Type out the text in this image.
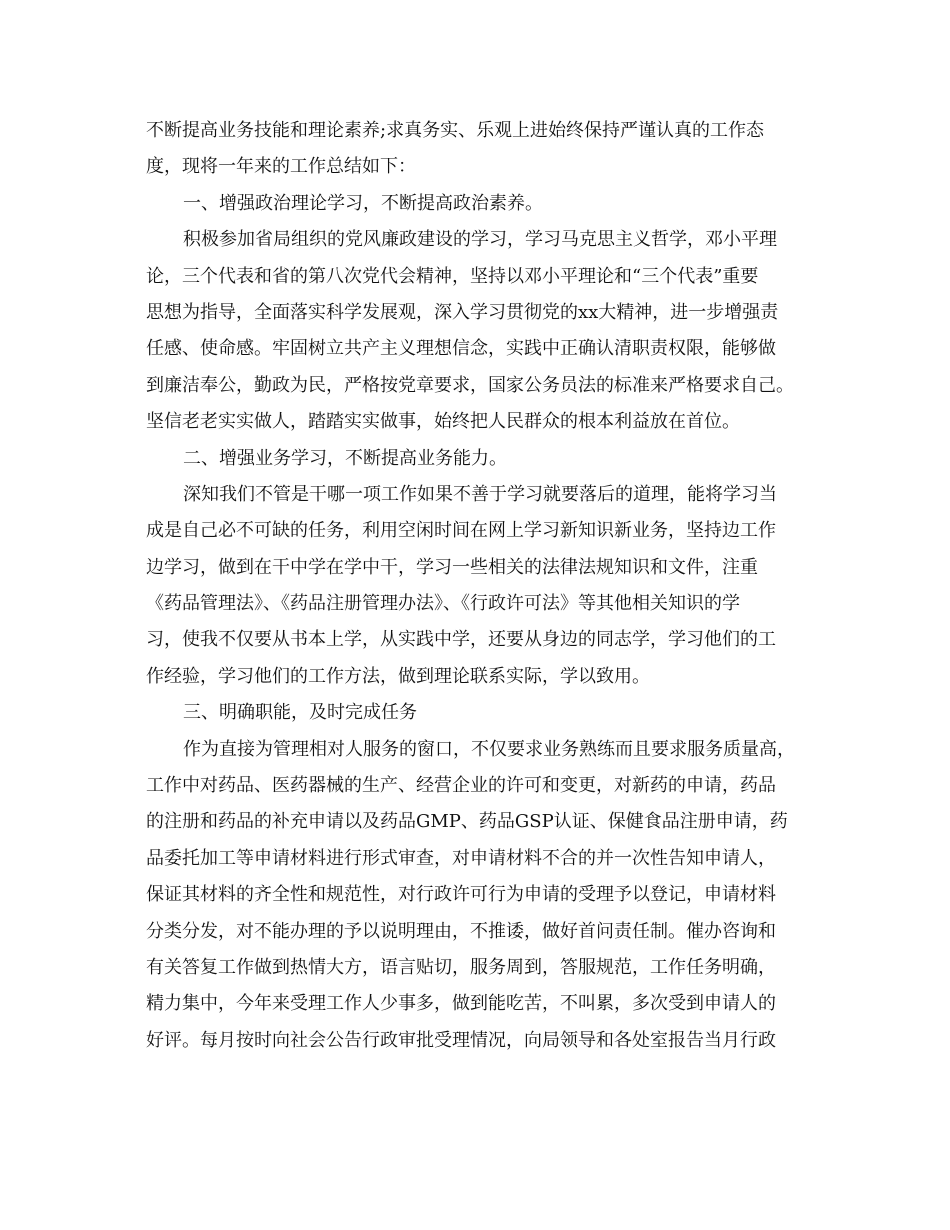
不断提高业务技能和理论素养;求真务实、乐观上进始终保持严谨认真的工作态
度，现将一年来的工作总结如下：
一、增强政治理论学习，不断提高政治素养。
积极参加省局组织的党风廉政建设的学习，学习马克思主义哲学，邓小平理
论，三个代表和省的第八次党代会精神，坚持以邓小平理论和“三个代表”重要
思想为指导，全面落实科学发展观，深入学习贯彻党的xx大精神，进一步增强责
任感、使命感。牢固树立共产主义理想信念，实践中正确认清职责权限，能够做
到廉洁奉公，勤政为民，严格按党章要求，国家公务员法的标准来严格要求自己。
坚信老老实实做人，踏踏实实做事，始终把人民群众的根本利益放在首位。
二、增强业务学习，不断提高业务能力。
深知我们不管是干哪一项工作如果不善于学习就要落后的道理，能将学习当
成是自己必不可缺的任务，利用空闲时间在网上学习新知识新业务，坚持边工作
边学习，做到在干中学在学中干，学习一些相关的法律法规知识和文件，注重
《药品管理法》、《药品注册管理办法》、《行政许可法》等其他相关知识的学
习，使我不仅要从书本上学，从实践中学，还要从身边的同志学，学习他们的工
作经验，学习他们的工作方法，做到理论联系实际，学以致用。
三、明确职能，及时完成任务
作为直接为管理相对人服务的窗口，不仅要求业务熟练而且要求服务质量高，
工作中对药品、医药器械的生产、经营企业的许可和变更，对新药的申请，药品
的注册和药品的补充申请以及药品GMP、药品GSP认证、保健食品注册申请，药
品委托加工等申请材料进行形式审查，对申请材料不合的并一次性告知申请人，
保证其材料的齐全性和规范性，对行政许可行为申请的受理予以登记，申请材料
分类分发，对不能办理的予以说明理由，不推诿，做好首问责任制。催办咨询和
有关答复工作做到热情大方，语言贴切，服务周到，答服规范，工作任务明确，
精力集中，今年来受理工作人少事多，做到能吃苦，不叫累，多次受到申请人的
好评。每月按时向社会公告行政审批受理情况，向局领导和各处室报告当月行政
